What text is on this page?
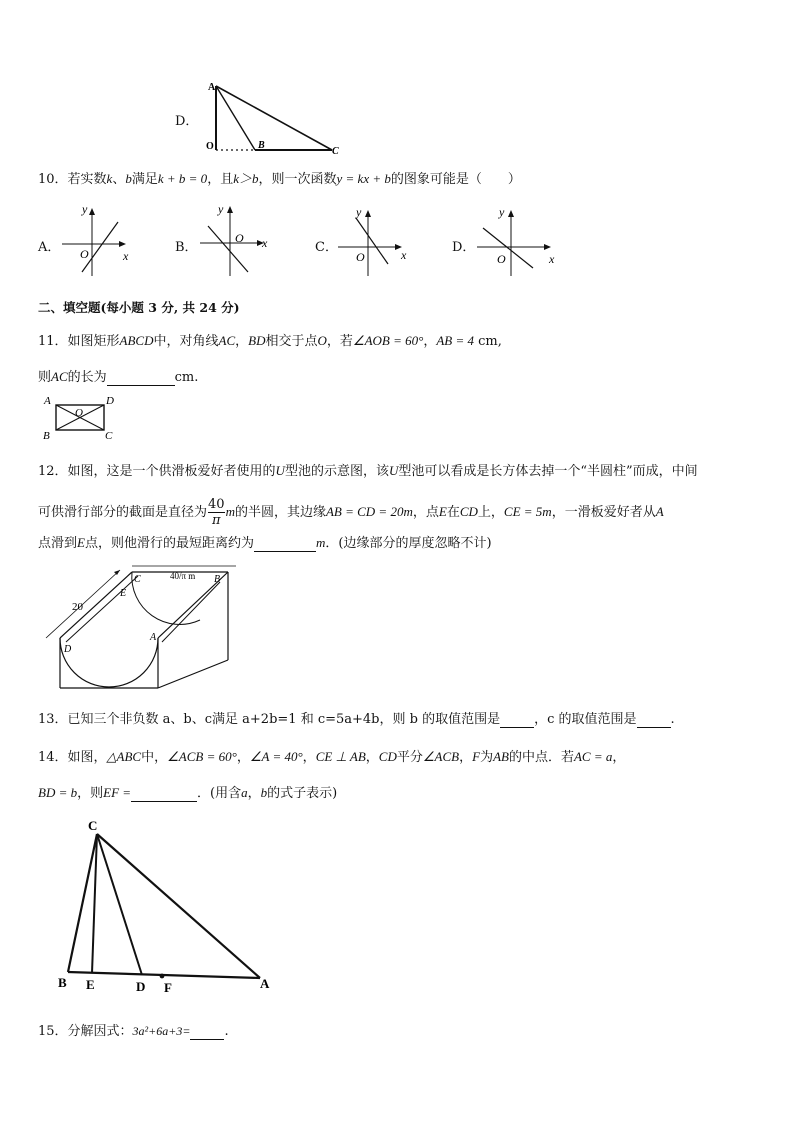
D．
A
O	B
C
10．若实数k、b满足k + b = 0，且k＞b，则一次函数y = kx + b的图象可能是（　　）
A．
y
O	x
B．
y
O x	C．
y
O	x	D．
y
O	x
二、填空题(每小题 3 分, 共 24 分)
11．如图矩形ABCD中，对角线AC，BD相交于点O，若∠AOB = 60°，AB = 4 cm,
则AC的长为	cm.
A	D
O
B	C
12．如图，这是一个供滑板爱好者使用的U型池的示意图，该U型池可以看成是长方体去掉一个“半圆柱”而成，中间
可供滑行部分的截面是直径为 $\frac{40}{\pi}$ m的半圆，其边缘AB = CD = 20m，点E在CD上，CE = 5m，一滑板爱好者从A
点滑到E点，则他滑行的最短距离约为	m．(边缘部分的厚度忽略不计)
20
C	B
E
A
D
40/π m
13．已知三个非负数 a、b、c满足 a+2b=1 和 c=5a+4b，则 b 的取值范围是	，c 的取值范围是	.
14．如图，△ABC中，∠ACB = 60°，∠A = 40°，CE ⊥ AB，CD平分∠ACB，F为AB的中点．若AC = a，
BD = b，则EF =	．(用含a，b的式子表示)
C
B E	D F	A
15．分解因式：3a²+6a+3=	.
